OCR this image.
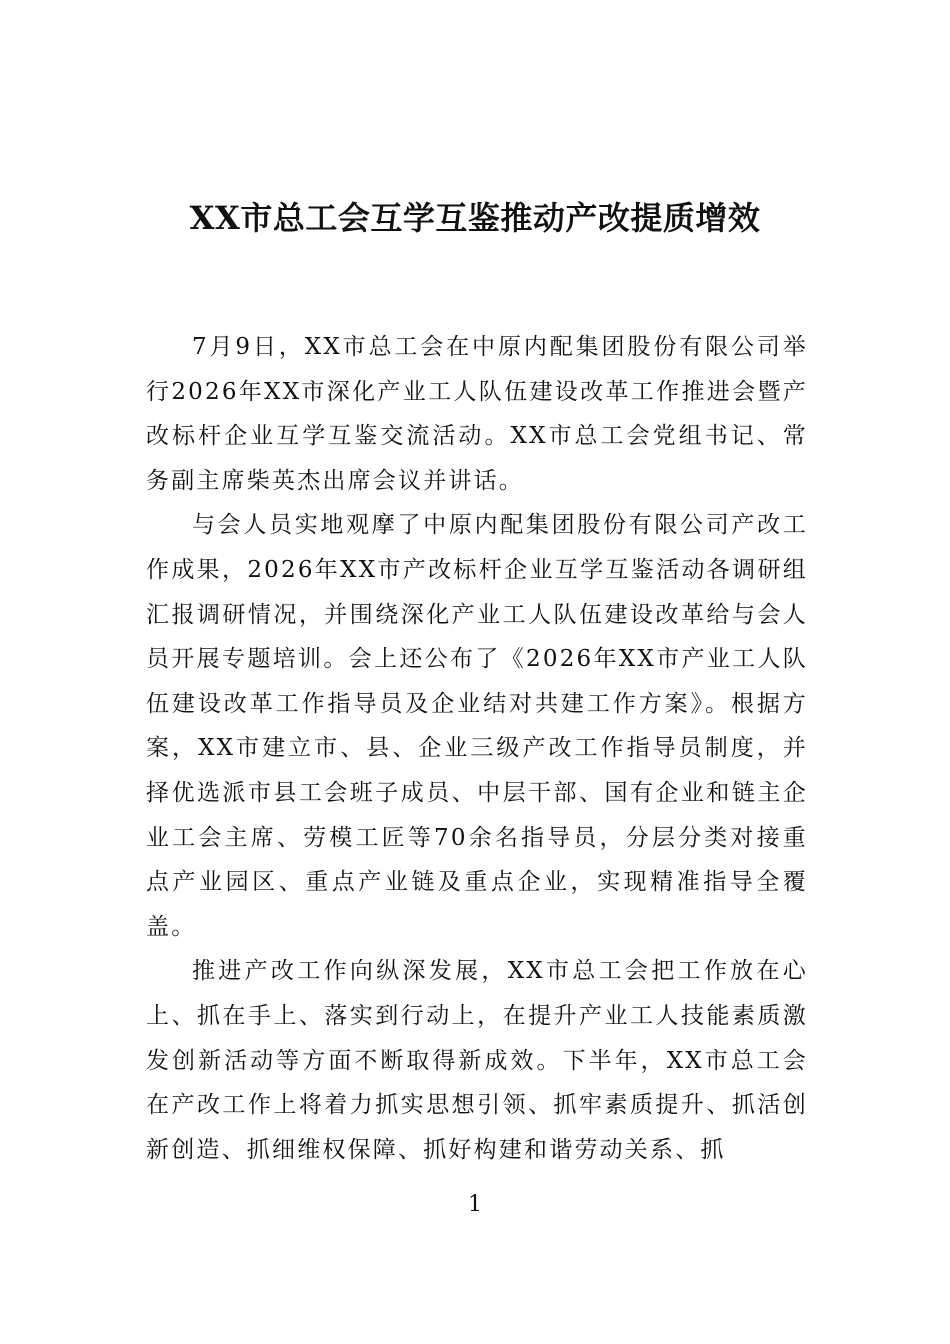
XX市总工会互学互鉴推动产改提质增效

7月9日，XX市总工会在中原内配集团股份有限公司举行2026年XX市深化产业工人队伍建设改革工作推进会暨产改标杆企业互学互鉴交流活动。XX市总工会党组书记、常务副主席柴英杰出席会议并讲话。

与会人员实地观摩了中原内配集团股份有限公司产改工作成果，2026年XX市产改标杆企业互学互鉴活动各调研组汇报调研情况，并围绕深化产业工人队伍建设改革给与会人员开展专题培训。会上还公布了《2026年XX市产业工人队伍建设改革工作指导员及企业结对共建工作方案》。根据方案，XX市建立市、县、企业三级产改工作指导员制度，并择优选派市县工会班子成员、中层干部、国有企业和链主企业工会主席、劳模工匠等70余名指导员，分层分类对接重点产业园区、重点产业链及重点企业，实现精准指导全覆盖。

推进产改工作向纵深发展，XX市总工会把工作放在心上、抓在手上、落实到行动上，在提升产业工人技能素质激发创新活动等方面不断取得新成效。下半年，XX市总工会在产改工作上将着力抓实思想引领、抓牢素质提升、抓活创新创造、抓细维权保障、抓好构建和谐劳动关系、抓

1
